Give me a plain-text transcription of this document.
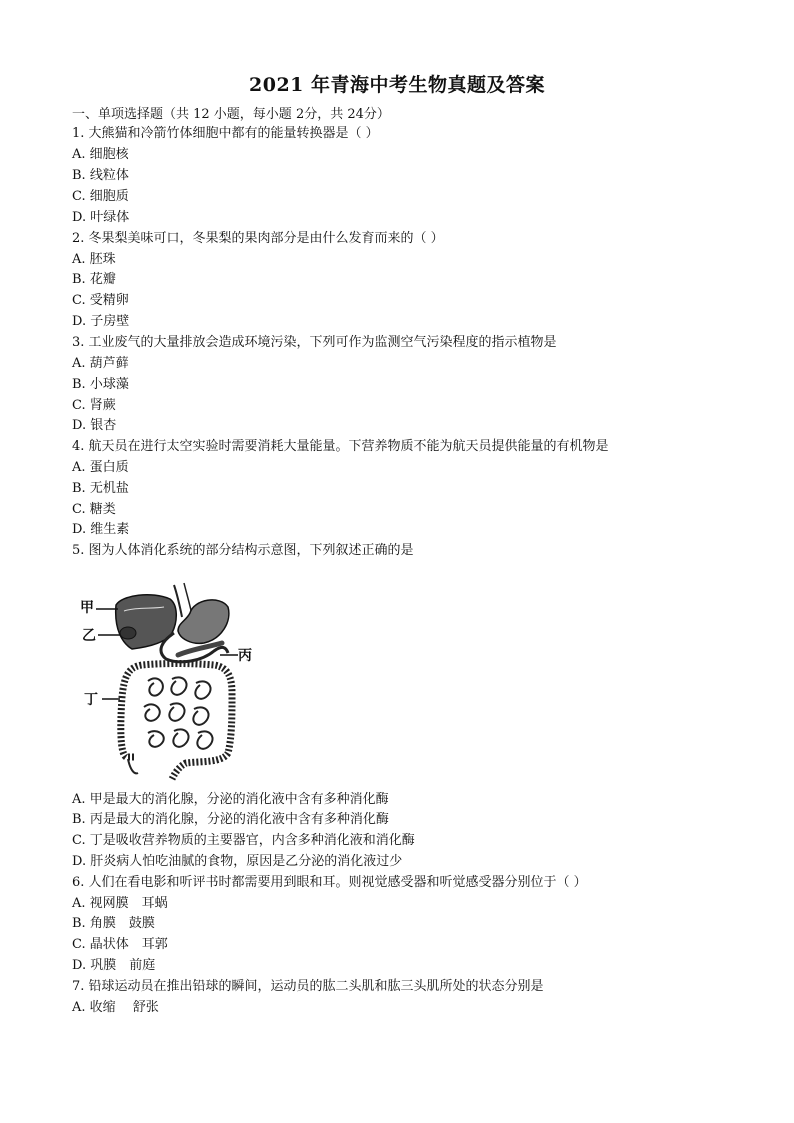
2021 年青海中考生物真题及答案
一、单项选择题（共 12 小题，每小题 2分，共 24分）
1. 大熊猫和冷箭竹体细胞中都有的能量转换器是（ ）
A. 细胞核
B. 线粒体
C. 细胞质
D. 叶绿体
2. 冬果梨美味可口，冬果梨的果肉部分是由什么发育而来的（ ）
A. 胚珠
B. 花瓣
C. 受精卵
D. 子房壁
3. 工业废气的大量排放会造成环境污染，下列可作为监测空气污染程度的指示植物是
A. 葫芦藓
B. 小球藻
C. 肾蕨
D. 银杏
4. 航天员在进行太空实验时需要消耗大量能量。下营养物质不能为航天员提供能量的有机物是
A. 蛋白质
B. 无机盐
C. 糖类
D. 维生素
5. 图为人体消化系统的部分结构示意图，下列叙述正确的是
甲
乙
丙
丁
A. 甲是最大的消化腺，分泌的消化液中含有多种消化酶
B. 丙是最大的消化腺，分泌的消化液中含有多种消化酶
C. 丁是吸收营养物质的主要器官，内含多种消化液和消化酶
D. 肝炎病人怕吃油腻的食物，原因是乙分泌的消化液过少
6. 人们在看电影和听评书时都需要用到眼和耳。则视觉感受器和听觉感受器分别位于（ ）
A. 视网膜　耳蜗
B. 角膜　鼓膜
C. 晶状体　耳郭
D. 巩膜　前庭
7. 铅球运动员在推出铅球的瞬间，运动员的肱二头肌和肱三头肌所处的状态分别是
A. 收缩　 舒张
